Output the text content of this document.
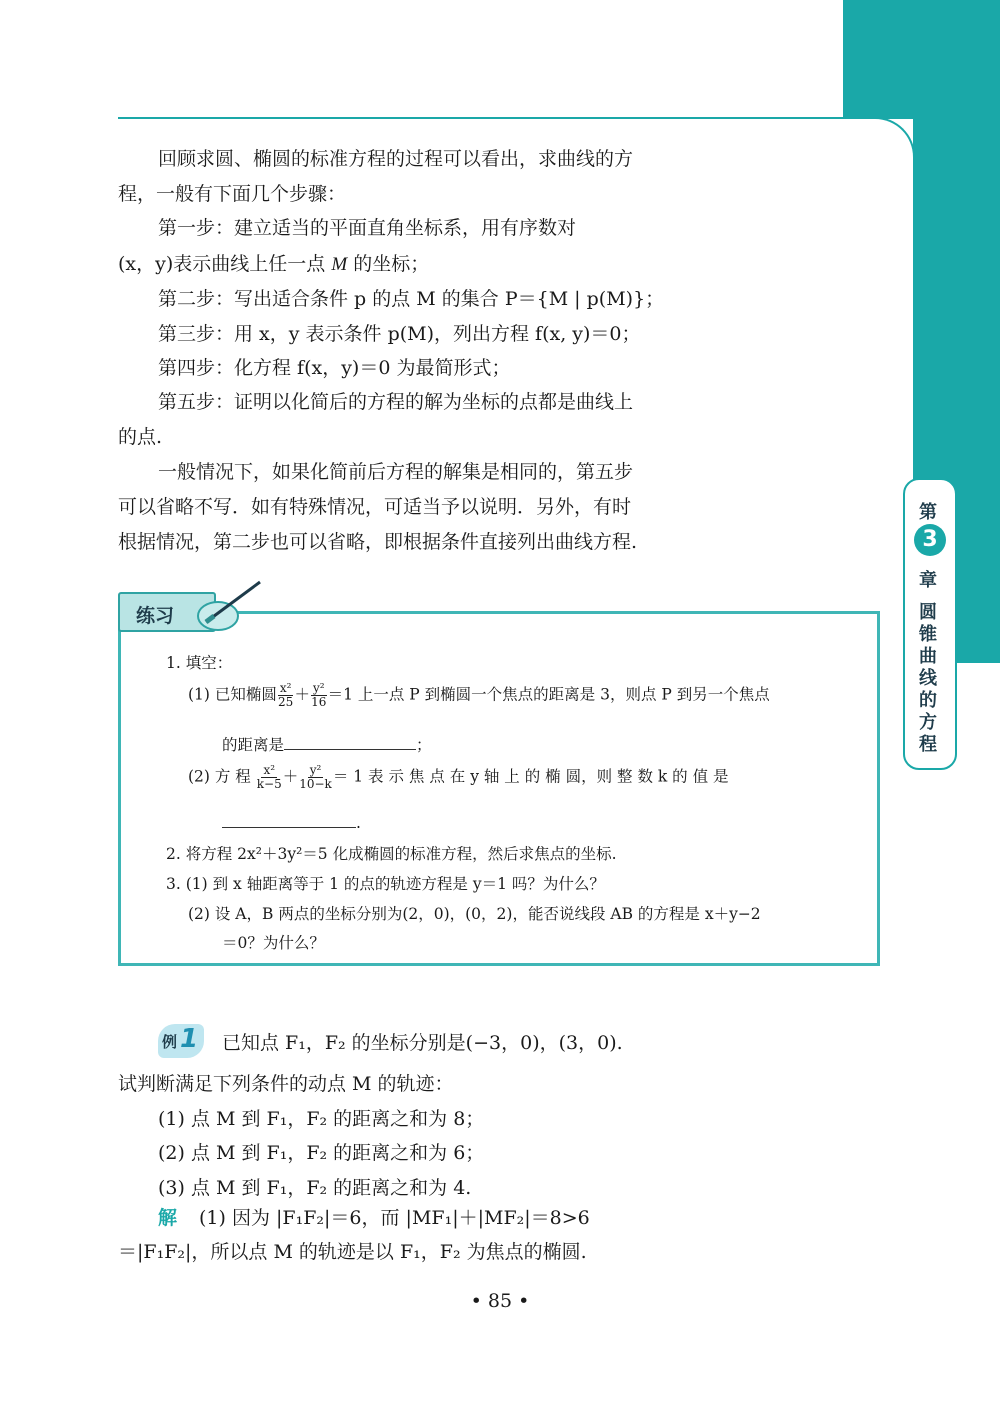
第
3
章
圆
锥
曲
线
的
方
程
回顾求圆、椭圆的标准方程的过程可以看出，求曲线的方
程，一般有下面几个步骤：
第一步：建立适当的平面直角坐标系，用有序数对
(x，y)表示曲线上任一点 M 的坐标；
第二步：写出适合条件 p 的点 M 的集合 P＝{M | p(M)}；
第三步：用 x，y 表示条件 p(M)，列出方程 f(x, y)＝0；
第四步：化方程 f(x，y)＝0 为最简形式；
第五步：证明以化简后的方程的解为坐标的点都是曲线上
的点.
一般情况下，如果化简前后方程的解集是相同的，第五步
可以省略不写．如有特殊情况，可适当予以说明．另外，有时
根据情况，第二步也可以省略，即根据条件直接列出曲线方程.
练习
1. 填空：
(1) 已知椭圆 $\frac{\text{x²}}{25} + \frac{\text{y²}}{16} =1$ 上一点 P 到椭圆一个焦点的距离是 3，则点 P 到另一个焦点
的距离是	；
(2) 方 程 $\frac{\text{x²}}{k-5} + \frac{\text{y²}}{10-k} = 1$ 表 示 焦 点 在 y 轴 上 的 椭 圆，则 整 数 k 的 值 是
.
2. 将方程 2x²＋3y²＝5 化成椭圆的标准方程，然后求焦点的坐标.
3. (1) 到 x 轴距离等于 1 的点的轨迹方程是 y＝1 吗？为什么？
(2) 设 A，B 两点的坐标分别为(2，0)，(0，2)，能否说线段 AB 的方程是 x＋y−2
＝0？为什么？
例 1 已知点 F₁，F₂ 的坐标分别是(−3，0)，(3，0).
试判断满足下列条件的动点 M 的轨迹：
(1) 点 M 到 F₁，F₂ 的距离之和为 8；
(2) 点 M 到 F₁，F₂ 的距离之和为 6；
(3) 点 M 到 F₁，F₂ 的距离之和为 4.
解 (1) 因为 |F₁F₂|＝6，而 |MF₁|＋|MF₂|＝8>6
＝|F₁F₂|，所以点 M 的轨迹是以 F₁，F₂ 为焦点的椭圆.
• 85 •
